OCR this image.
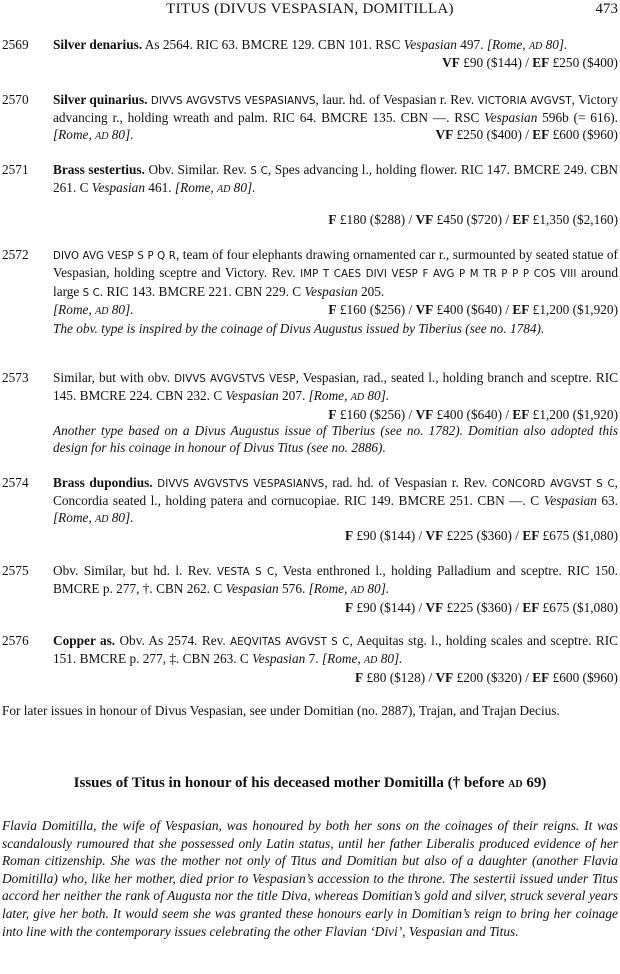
TITUS (DIVUS VESPASIAN, DOMITILLA)	473
2569 Silver denarius. As 2564. RIC 63. BMCRE 129. CBN 101. RSC Vespasian 497. [Rome, AD 80].
VF £90 ($144) / EF £250 ($400)
2570 Silver quinarius. DIVVS AVGVSTVS VESPASIANVS, laur. hd. of Vespasian r. Rev. VICTORIA AVGVST, Victory advancing r., holding wreath and palm. RIC 64. BMCRE 135. CBN —. RSC Vespasian 596b (= 616). [Rome, AD 80].	VF £250 ($400) / EF £600 ($960)
2571 Brass sestertius. Obv. Similar. Rev. S C, Spes advancing l., holding flower. RIC 147. BMCRE 249. CBN 261. C Vespasian 461. [Rome, AD 80].
F £180 ($288) / VF £450 ($720) / EF £1,350 ($2,160)
2572 DIVO AVG VESP S P Q R, team of four elephants drawing ornamented car r., surmounted by seated statue of Vespasian, holding sceptre and Victory. Rev. IMP T CAES DIVI VESP F AVG P M TR P P P COS VIII around large S C. RIC 143. BMCRE 221. CBN 229. C Vespasian 205.
[Rome, AD 80].	F £160 ($256) / VF £400 ($640) / EF £1,200 ($1,920)
The obv. type is inspired by the coinage of Divus Augustus issued by Tiberius (see no. 1784).
2573 Similar, but with obv. DIVVS AVGVSTVS VESP, Vespasian, rad., seated l., holding branch and sceptre. RIC 145. BMCRE 224. CBN 232. C Vespasian 207. [Rome, AD 80].
F £160 ($256) / VF £400 ($640) / EF £1,200 ($1,920)
Another type based on a Divus Augustus issue of Tiberius (see no. 1782). Domitian also adopted this design for his coinage in honour of Divus Titus (see no. 2886).
2574 Brass dupondius. DIVVS AVGVSTVS VESPASIANVS, rad. hd. of Vespasian r. Rev. CONCORD AVGVST S C, Concordia seated l., holding patera and cornucopiae. RIC 149. BMCRE 251. CBN —. C Vespasian 63. [Rome, AD 80].
F £90 ($144) / VF £225 ($360) / EF £675 ($1,080)
2575 Obv. Similar, but hd. l. Rev. VESTA S C, Vesta enthroned l., holding Palladium and sceptre. RIC 150. BMCRE p. 277, †. CBN 262. C Vespasian 576. [Rome, AD 80].
F £90 ($144) / VF £225 ($360) / EF £675 ($1,080)
2576 Copper as. Obv. As 2574. Rev. AEQVITAS AVGVST S C, Aequitas stg. l., holding scales and sceptre. RIC 151. BMCRE p. 277, ‡. CBN 263. C Vespasian 7. [Rome, AD 80].
F £80 ($128) / VF £200 ($320) / EF £600 ($960)
For later issues in honour of Divus Vespasian, see under Domitian (no. 2887), Trajan, and Trajan Decius.
Issues of Titus in honour of his deceased mother Domitilla († before AD 69)
Flavia Domitilla, the wife of Vespasian, was honoured by both her sons on the coinages of their reigns. It was scandalously rumoured that she possessed only Latin status, until her father Liberalis produced evidence of her Roman citizenship. She was the mother not only of Titus and Domitian but also of a daughter (another Flavia Domitilla) who, like her mother, died prior to Vespasian’s accession to the throne. The sestertii issued under Titus accord her neither the rank of Augusta nor the title Diva, whereas Domitian’s gold and silver, struck several years later, give her both. It would seem she was granted these honours early in Domitian’s reign to bring her coinage into line with the contemporary issues celebrating the other Flavian ‘Divi’, Vespasian and Titus.
